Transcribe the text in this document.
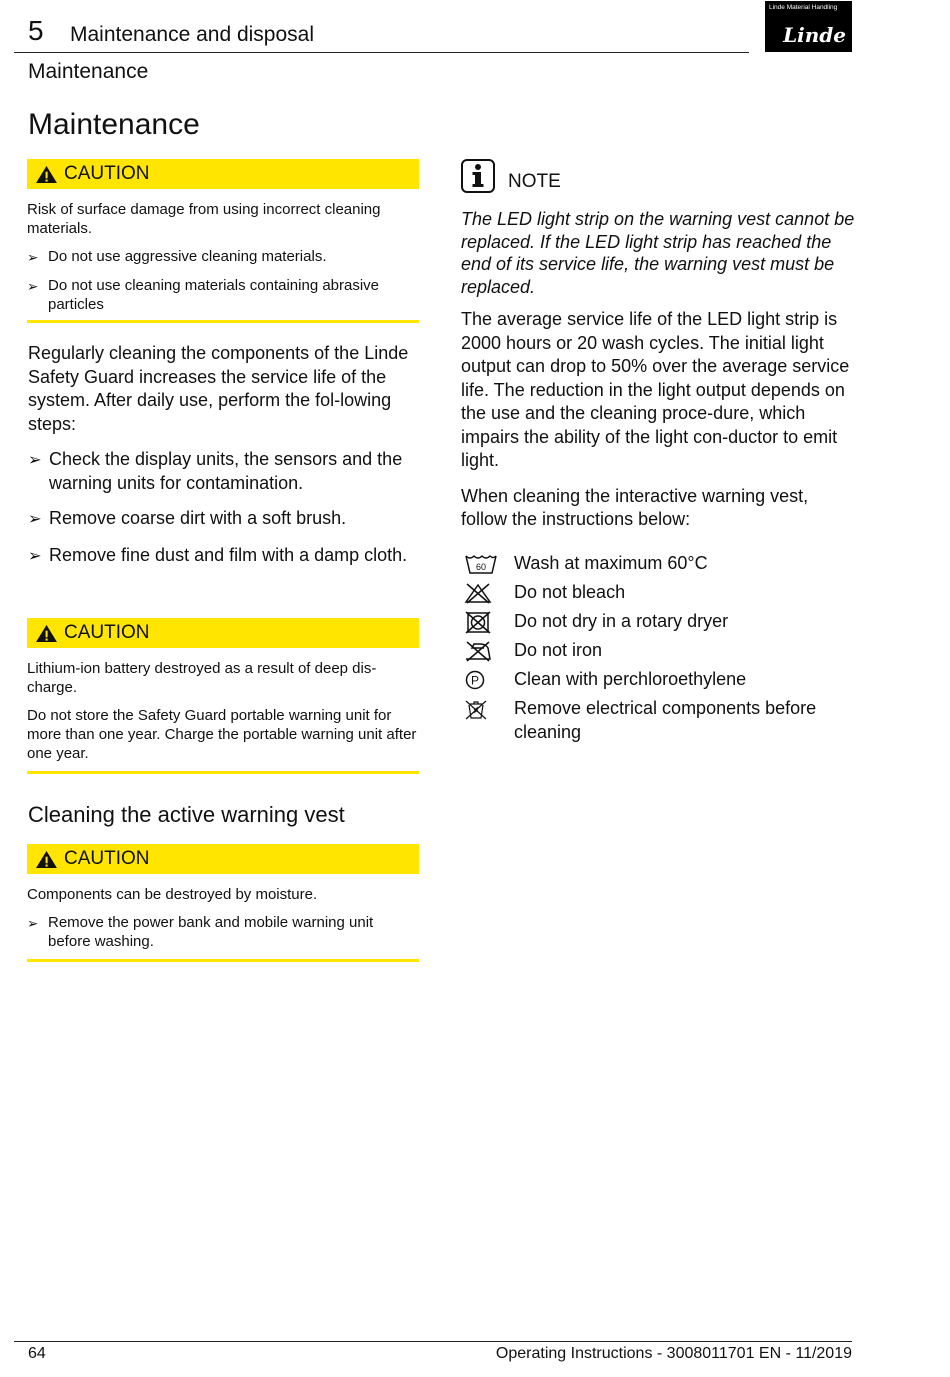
5 Maintenance and disposal
Maintenance
Linde Material Handling
Linde
Maintenance
CAUTION

Risk of surface damage from using incorrect cleaning materials.

➢ Do not use aggressive cleaning materials.
➢ Do not use cleaning materials containing abrasive particles

Regularly cleaning the components of the Linde Safety Guard increases the service life of the system. After daily use, perform the fol-lowing steps:

➢ Check the display units, the sensors and the warning units for contamination.
➢ Remove coarse dirt with a soft brush.
➢ Remove fine dust and film with a damp cloth.
CAUTION

Lithium-ion battery destroyed as a result of deep dis-charge.

Do not store the Safety Guard portable warning unit for more than one year. Charge the portable warning unit after one year.

Cleaning the active warning vest
CAUTION

Components can be destroyed by moisture.

➢ Remove the power bank and mobile warning unit before washing.
NOTE
The LED light strip on the warning vest cannot be replaced. If the LED light strip has reached the end of its service life, the warning vest must be replaced.

The average service life of the LED light strip is 2000 hours or 20 wash cycles. The initial light output can drop to 50% over the average service life. The reduction in the light output depends on the use and the cleaning proce-dure, which impairs the ability of the light con-ductor to emit light.

When cleaning the interactive warning vest, follow the instructions below:

60 Wash at maximum 60°C
Do not bleach
Do not dry in a rotary dryer
Do not iron
P Clean with perchloroethylene
Remove electrical components before cleaning
64	Operating Instructions - 3008011701 EN - 11/2019
